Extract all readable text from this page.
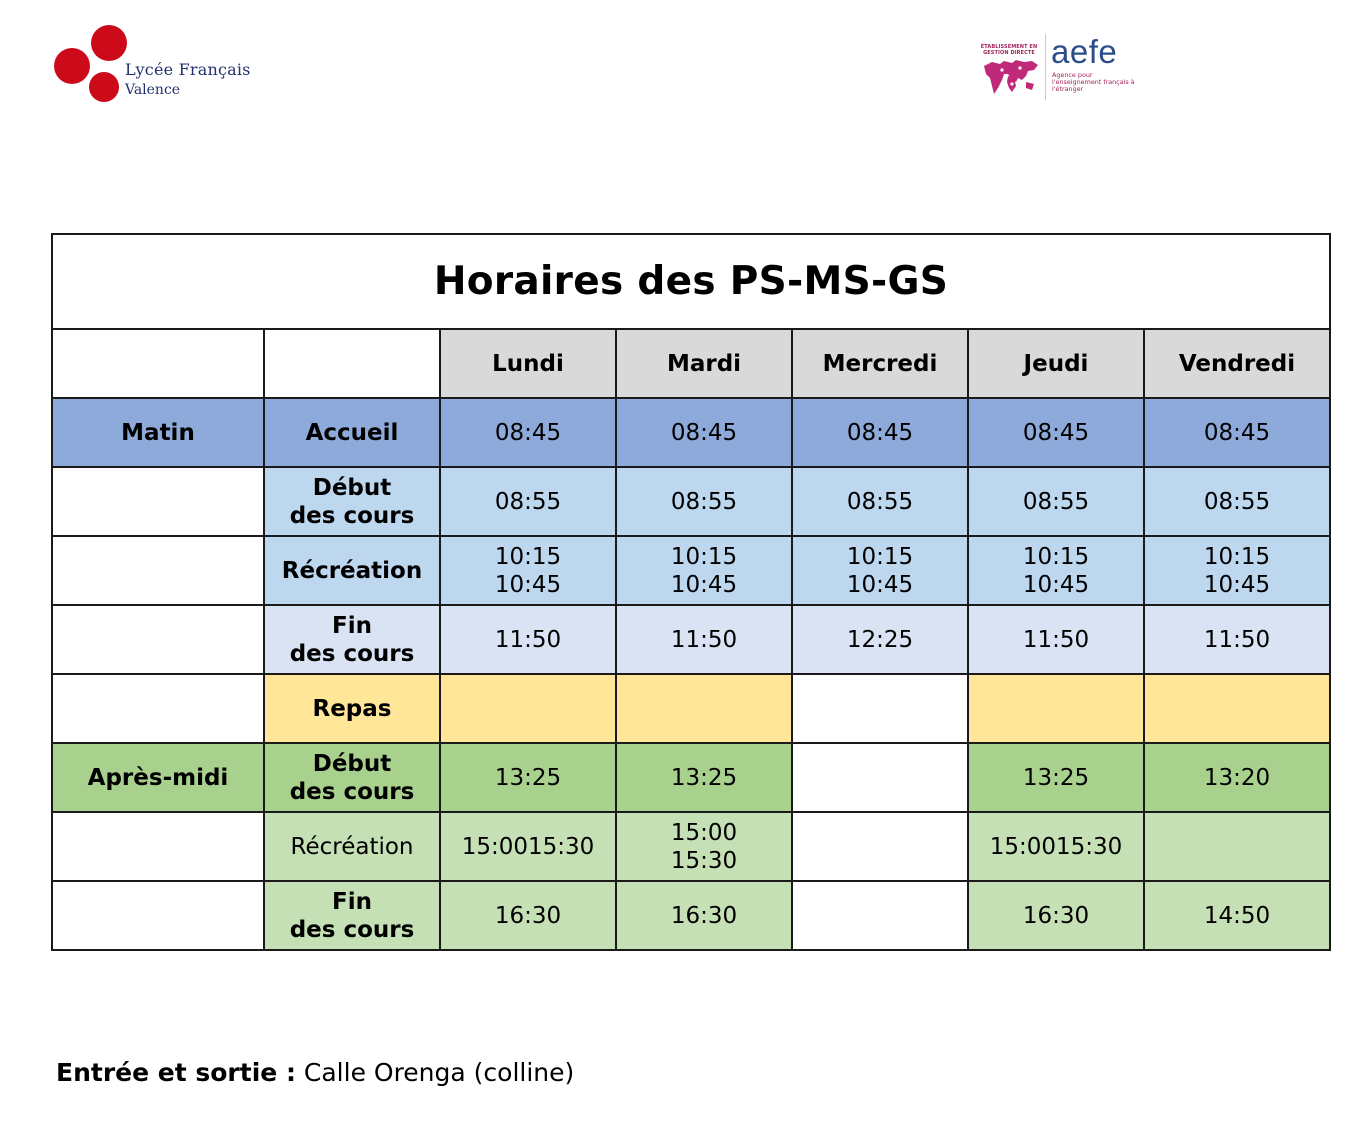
Lycée Français
Valence
ÉTABLISSEMENT EN GESTION DIRECTE aefe
Agence pour l'enseignement français à l'étranger
Horaires des PS-MS-GS						
		Lundi	Mardi	Mercredi	Jeudi	Vendredi
Matin	Accueil	08:45	08:45	08:45	08:45	08:45

	Début
des cours	08:55	08:55	08:55	08:55	08:55

	Récréation	10:15
10:45	10:15
10:45	10:15
10:45	10:15
10:45	10:15
10:45

	Fin
des cours	11:50	11:50	12:25	11:50	11:50

	Repas					

Après-midi	Début
des cours	13:25	13:25		13:25	13:20

	Récréation	15:0015:30	15:00
15:30		15:0015:30	

	Fin
des cours	16:30	16:30		16:30	14:50
Entrée et sortie : Calle Orenga (colline)
